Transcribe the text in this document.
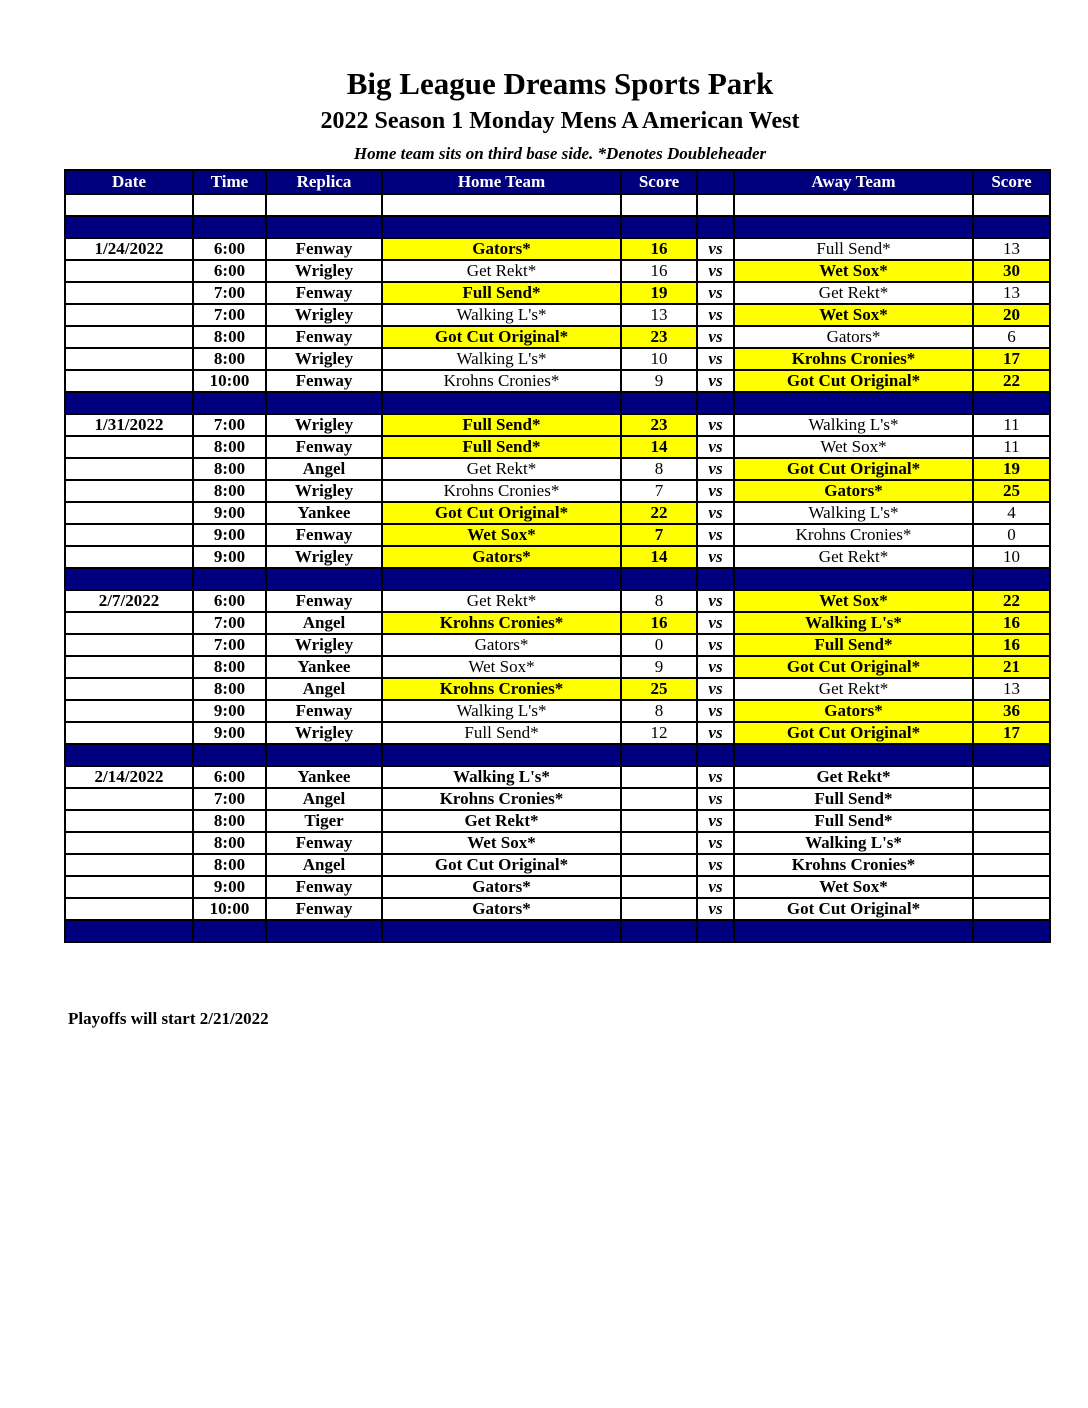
Big League Dreams Sports Park
2022 Season 1 Monday Mens A American West
Home team sits on third base side. *Denotes Doubleheader
Date	Time	Replica	Home Team	Score		Away Team	Score

1/24/2022	6:00	Fenway	Gators*	16	vs	Full Send*	13
	6:00	Wrigley	Get Rekt*	16	vs	Wet Sox*	30
	7:00	Fenway	Full Send*	19	vs	Get Rekt*	13
	7:00	Wrigley	Walking L's*	13	vs	Wet Sox*	20
	8:00	Fenway	Got Cut Original*	23	vs	Gators*	6
	8:00	Wrigley	Walking L's*	10	vs	Krohns Cronies*	17
	10:00	Fenway	Krohns Cronies*	9	vs	Got Cut Original*	22

1/31/2022	7:00	Wrigley	Full Send*	23	vs	Walking L's*	11
	8:00	Fenway	Full Send*	14	vs	Wet Sox*	11
	8:00	Angel	Get Rekt*	8	vs	Got Cut Original*	19
	8:00	Wrigley	Krohns Cronies*	7	vs	Gators*	25
	9:00	Yankee	Got Cut Original*	22	vs	Walking L's*	4
	9:00	Fenway	Wet Sox*	7	vs	Krohns Cronies*	0
	9:00	Wrigley	Gators*	14	vs	Get Rekt*	10

2/7/2022	6:00	Fenway	Get Rekt*	8	vs	Wet Sox*	22
	7:00	Angel	Krohns Cronies*	16	vs	Walking L's*	16
	7:00	Wrigley	Gators*	0	vs	Full Send*	16
	8:00	Yankee	Wet Sox*	9	vs	Got Cut Original*	21
	8:00	Angel	Krohns Cronies*	25	vs	Get Rekt*	13
	9:00	Fenway	Walking L's*	8	vs	Gators*	36
	9:00	Wrigley	Full Send*	12	vs	Got Cut Original*	17

2/14/2022	6:00	Yankee	Walking L's*		vs	Get Rekt*	
	7:00	Angel	Krohns Cronies*		vs	Full Send*	
	8:00	Tiger	Get Rekt*		vs	Full Send*	
	8:00	Fenway	Wet Sox*		vs	Walking L's*	
	8:00	Angel	Got Cut Original*		vs	Krohns Cronies*	
	9:00	Fenway	Gators*		vs	Wet Sox*	
	10:00	Fenway	Gators*		vs	Got Cut Original*	

Playoffs will start 2/21/2022
